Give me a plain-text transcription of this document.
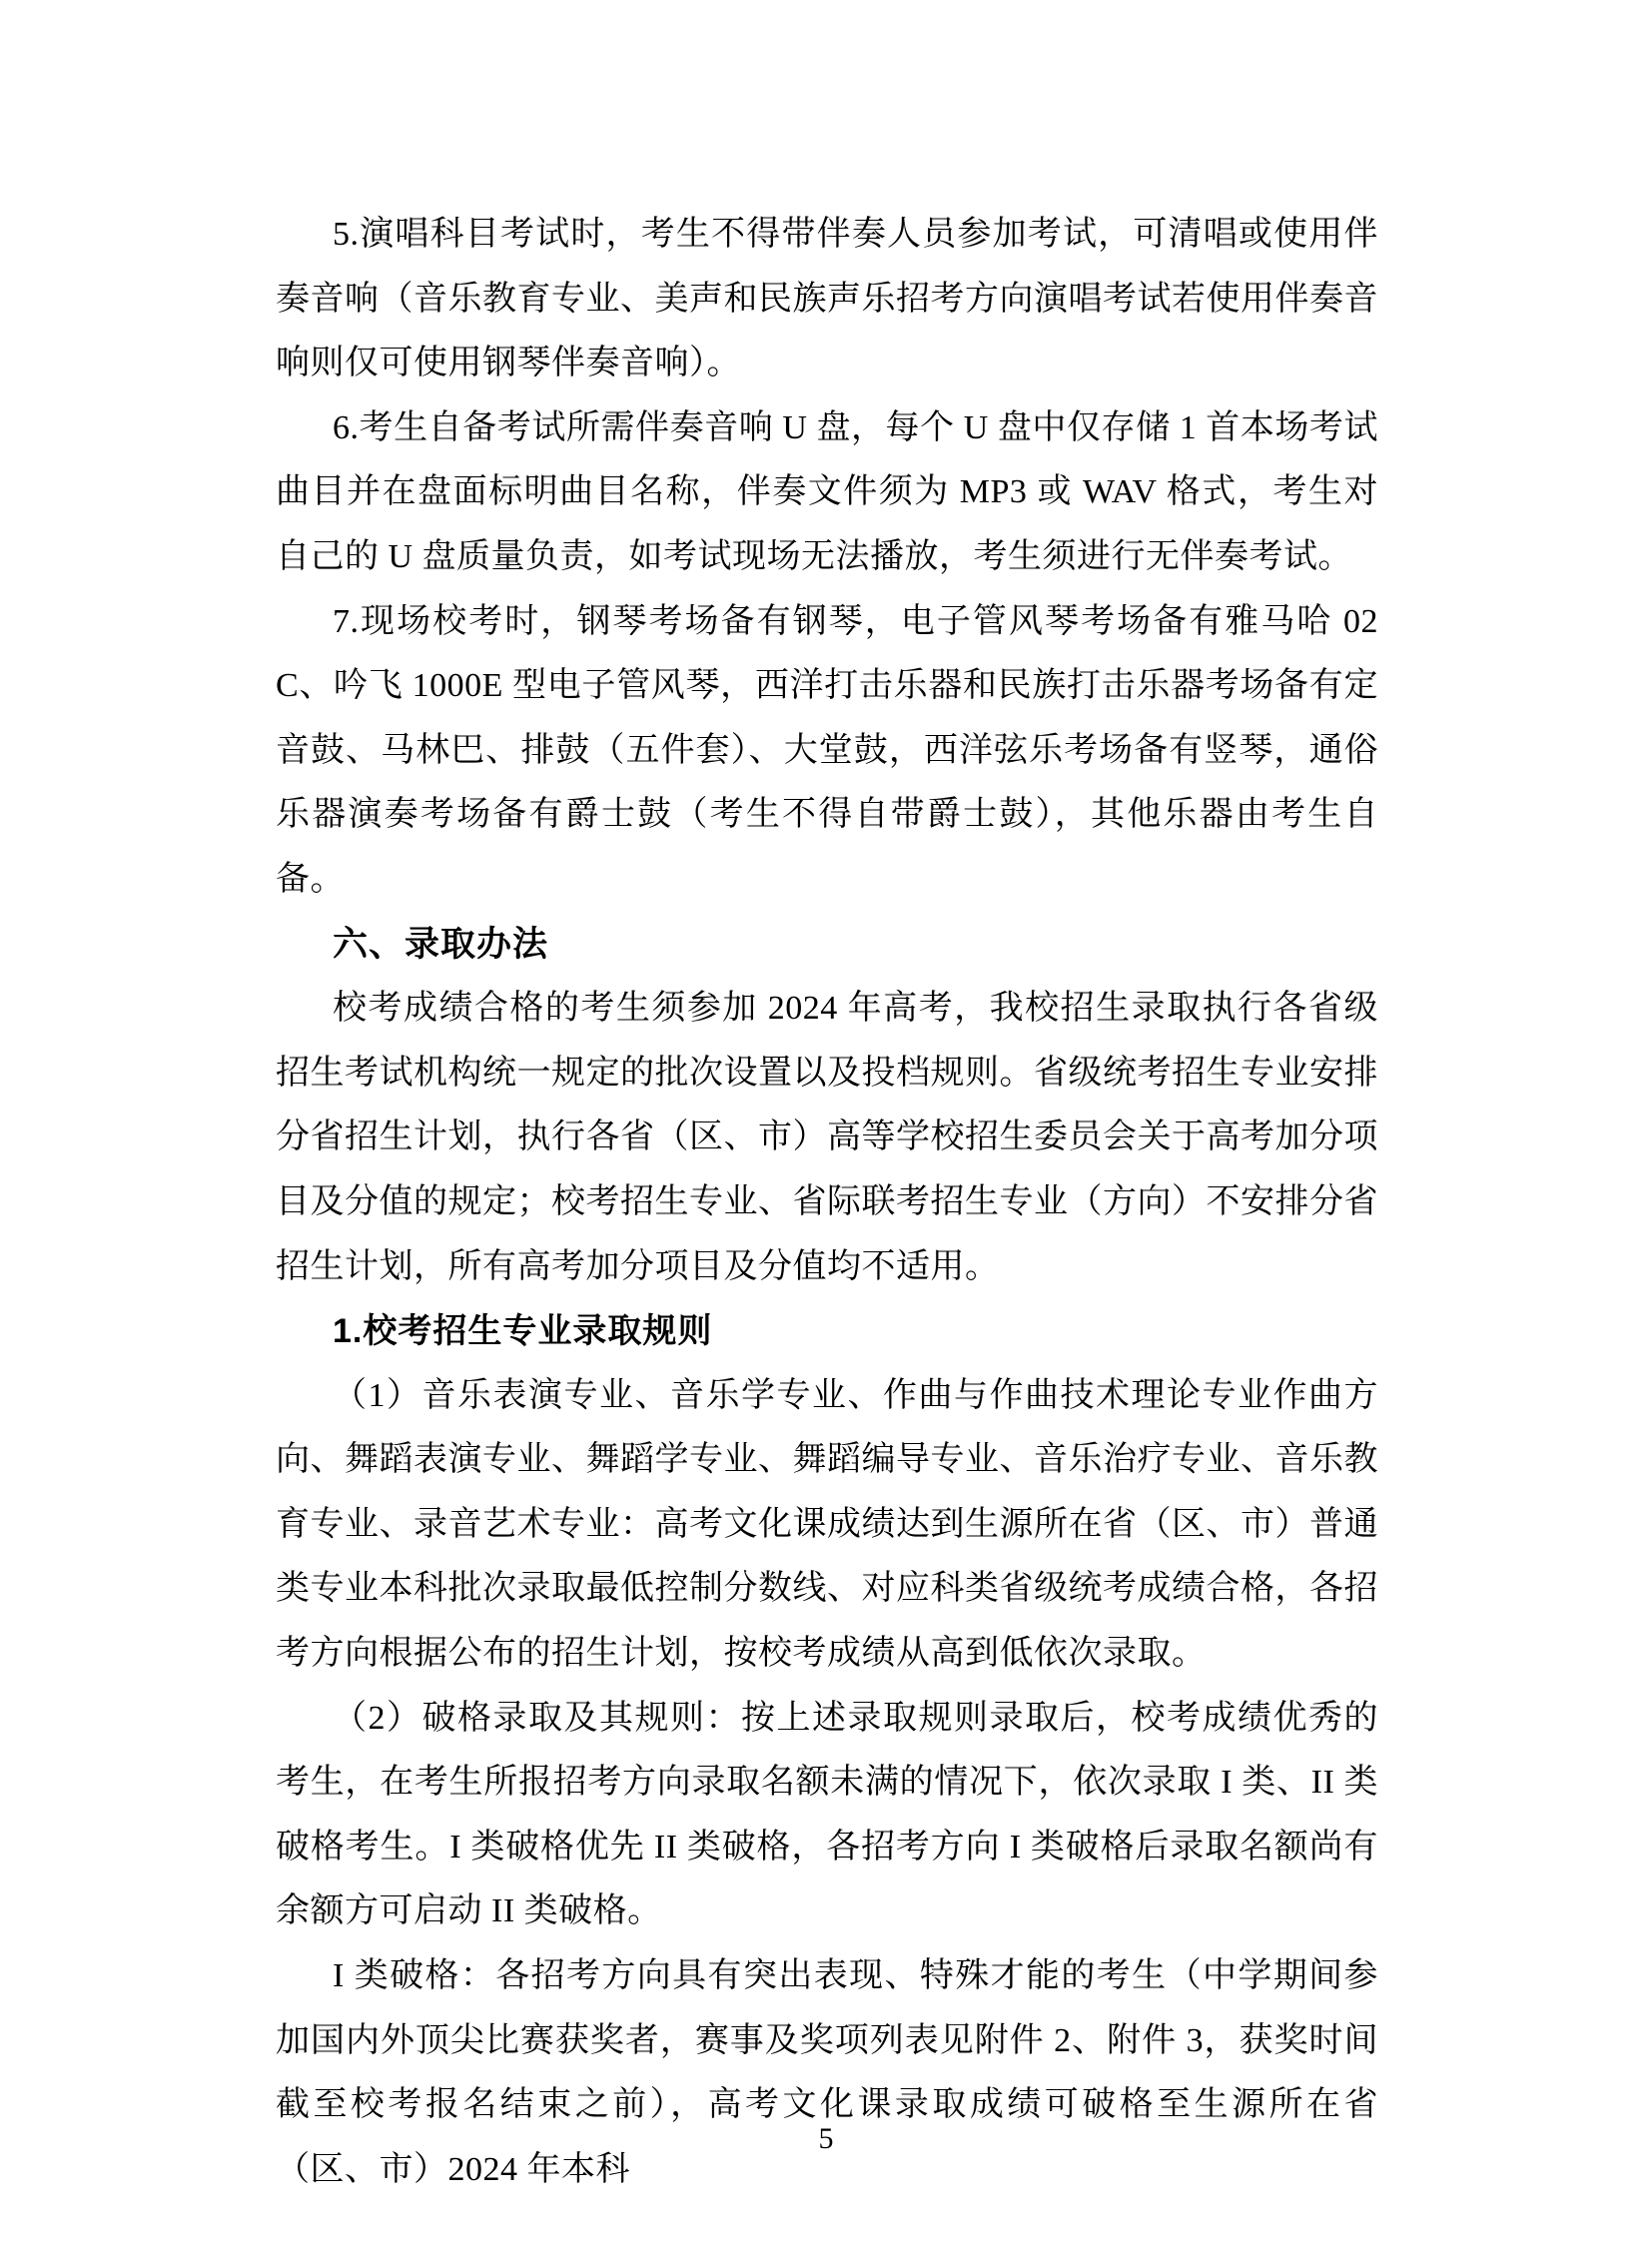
5.演唱科目考试时，考生不得带伴奏人员参加考试，可清唱或使用伴奏音响（音乐教育专业、美声和民族声乐招考方向演唱考试若使用伴奏音响则仅可使用钢琴伴奏音响）。

6.考生自备考试所需伴奏音响 U 盘，每个 U 盘中仅存储 1 首本场考试曲目并在盘面标明曲目名称，伴奏文件须为 MP3 或 WAV 格式，考生对自己的 U 盘质量负责，如考试现场无法播放，考生须进行无伴奏考试。

7.现场校考时，钢琴考场备有钢琴，电子管风琴考场备有雅马哈 02C、吟飞 1000E 型电子管风琴，西洋打击乐器和民族打击乐器考场备有定音鼓、马林巴、排鼓（五件套）、大堂鼓，西洋弦乐考场备有竖琴，通俗乐器演奏考场备有爵士鼓（考生不得自带爵士鼓），其他乐器由考生自备。

六、录取办法

校考成绩合格的考生须参加 2024 年高考，我校招生录取执行各省级招生考试机构统一规定的批次设置以及投档规则。省级统考招生专业安排分省招生计划，执行各省（区、市）高等学校招生委员会关于高考加分项目及分值的规定；校考招生专业、省际联考招生专业（方向）不安排分省招生计划，所有高考加分项目及分值均不适用。

1.校考招生专业录取规则

（1）音乐表演专业、音乐学专业、作曲与作曲技术理论专业作曲方向、舞蹈表演专业、舞蹈学专业、舞蹈编导专业、音乐治疗专业、音乐教育专业、录音艺术专业：高考文化课成绩达到生源所在省（区、市）普通类专业本科批次录取最低控制分数线、对应科类省级统考成绩合格，各招考方向根据公布的招生计划，按校考成绩从高到低依次录取。

（2）破格录取及其规则：按上述录取规则录取后，校考成绩优秀的考生，在考生所报招考方向录取名额未满的情况下，依次录取 I 类、II 类破格考生。I 类破格优先 II 类破格，各招考方向 I 类破格后录取名额尚有余额方可启动 II 类破格。

I 类破格：各招考方向具有突出表现、特殊才能的考生（中学期间参加国内外顶尖比赛获奖者，赛事及奖项列表见附件 2、附件 3，获奖时间截至校考报名结束之前），高考文化课录取成绩可破格至生源所在省（区、市）2024 年本科

5
